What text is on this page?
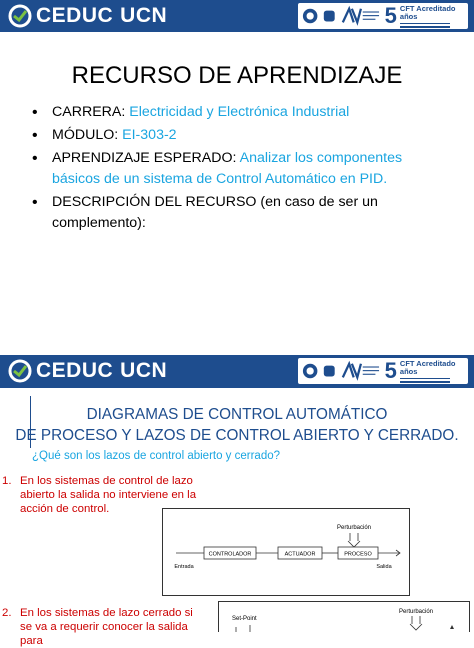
CEDUC UCN	5 CFT Acreditado años
RECURSO DE APRENDIZAJE
• CARRERA: Electricidad y Electrónica Industrial
• MÓDULO: EI-303-2
• APRENDIZAJE ESPERADO: Analizar los componentes básicos de un sistema de Control Automático en PID.
• DESCRIPCIÓN DEL RECURSO (en caso de ser un complemento):
CEDUC UCN	5 CFT Acreditado años
DIAGRAMAS DE CONTROL AUTOMÁTICO
DE PROCESO Y LAZOS DE CONTROL ABIERTO Y CERRADO.
¿Qué son los lazos de control abierto y cerrado?
1. En los sistemas de control de lazo abierto la salida no interviene en la acción de control.
Perturbación
CONTROLADOR	ACTUADOR	PROCESO
Entrada	Salida
2. En los sistemas de lazo cerrado si se va a requerir conocer la salida para
Set-Point
Perturbación
